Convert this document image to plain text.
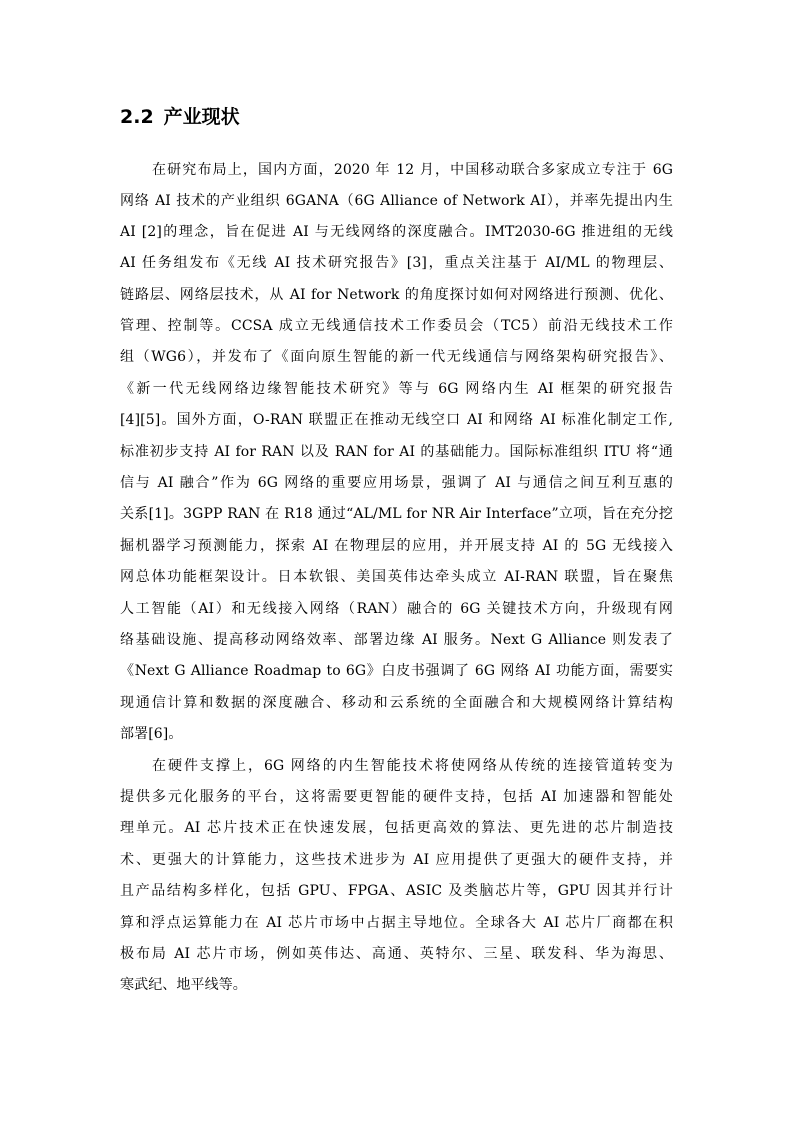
2.2 产业现状
在研究布局上，国内方面，2020 年 12 月，中国移动联合多家成立专注于 6G
网络 AI 技术的产业组织 6GANA（6G Alliance of Network AI），并率先提出内生
AI [2]的理念，旨在促进 AI 与无线网络的深度融合。IMT2030-6G 推进组的无线
AI 任务组发布《无线 AI 技术研究报告》[3]，重点关注基于 AI/ML 的物理层、
链路层、网络层技术，从 AI for Network 的角度探讨如何对网络进行预测、优化、
管理、控制等。CCSA 成立无线通信技术工作委员会（TC5）前沿无线技术工作
组（WG6），并发布了《面向原生智能的新一代无线通信与网络架构研究报告》、
《新一代无线网络边缘智能技术研究》等与 6G 网络内生 AI 框架的研究报告
[4][5]。国外方面，O-RAN 联盟正在推动无线空口 AI 和网络 AI 标准化制定工作,
标准初步支持 AI for RAN 以及 RAN for AI 的基础能力。国际标准组织 ITU 将“通
信与 AI 融合”作为 6G 网络的重要应用场景，强调了 AI 与通信之间互利互惠的
关系[1]。3GPP RAN 在 R18 通过“AL/ML for NR Air Interface”立项，旨在充分挖
掘机器学习预测能力，探索 AI 在物理层的应用，并开展支持 AI 的 5G 无线接入
网总体功能框架设计。日本软银、美国英伟达牵头成立 AI-RAN 联盟，旨在聚焦
人工智能（AI）和无线接入网络（RAN）融合的 6G 关键技术方向，升级现有网
络基础设施、提高移动网络效率、部署边缘 AI 服务。Next G Alliance 则发表了
《Next G Alliance Roadmap to 6G》白皮书强调了 6G 网络 AI 功能方面，需要实
现通信计算和数据的深度融合、移动和云系统的全面融合和大规模网络计算结构
部署[6]。
在硬件支撑上，6G 网络的内生智能技术将使网络从传统的连接管道转变为
提供多元化服务的平台，这将需要更智能的硬件支持，包括 AI 加速器和智能处
理单元。AI 芯片技术正在快速发展，包括更高效的算法、更先进的芯片制造技
术、更强大的计算能力，这些技术进步为 AI 应用提供了更强大的硬件支持，并
且产品结构多样化，包括 GPU、FPGA、ASIC 及类脑芯片等，GPU 因其并行计
算和浮点运算能力在 AI 芯片市场中占据主导地位。全球各大 AI 芯片厂商都在积
极布局 AI 芯片市场，例如英伟达、高通、英特尔、三星、联发科、华为海思、
寒武纪、地平线等。
